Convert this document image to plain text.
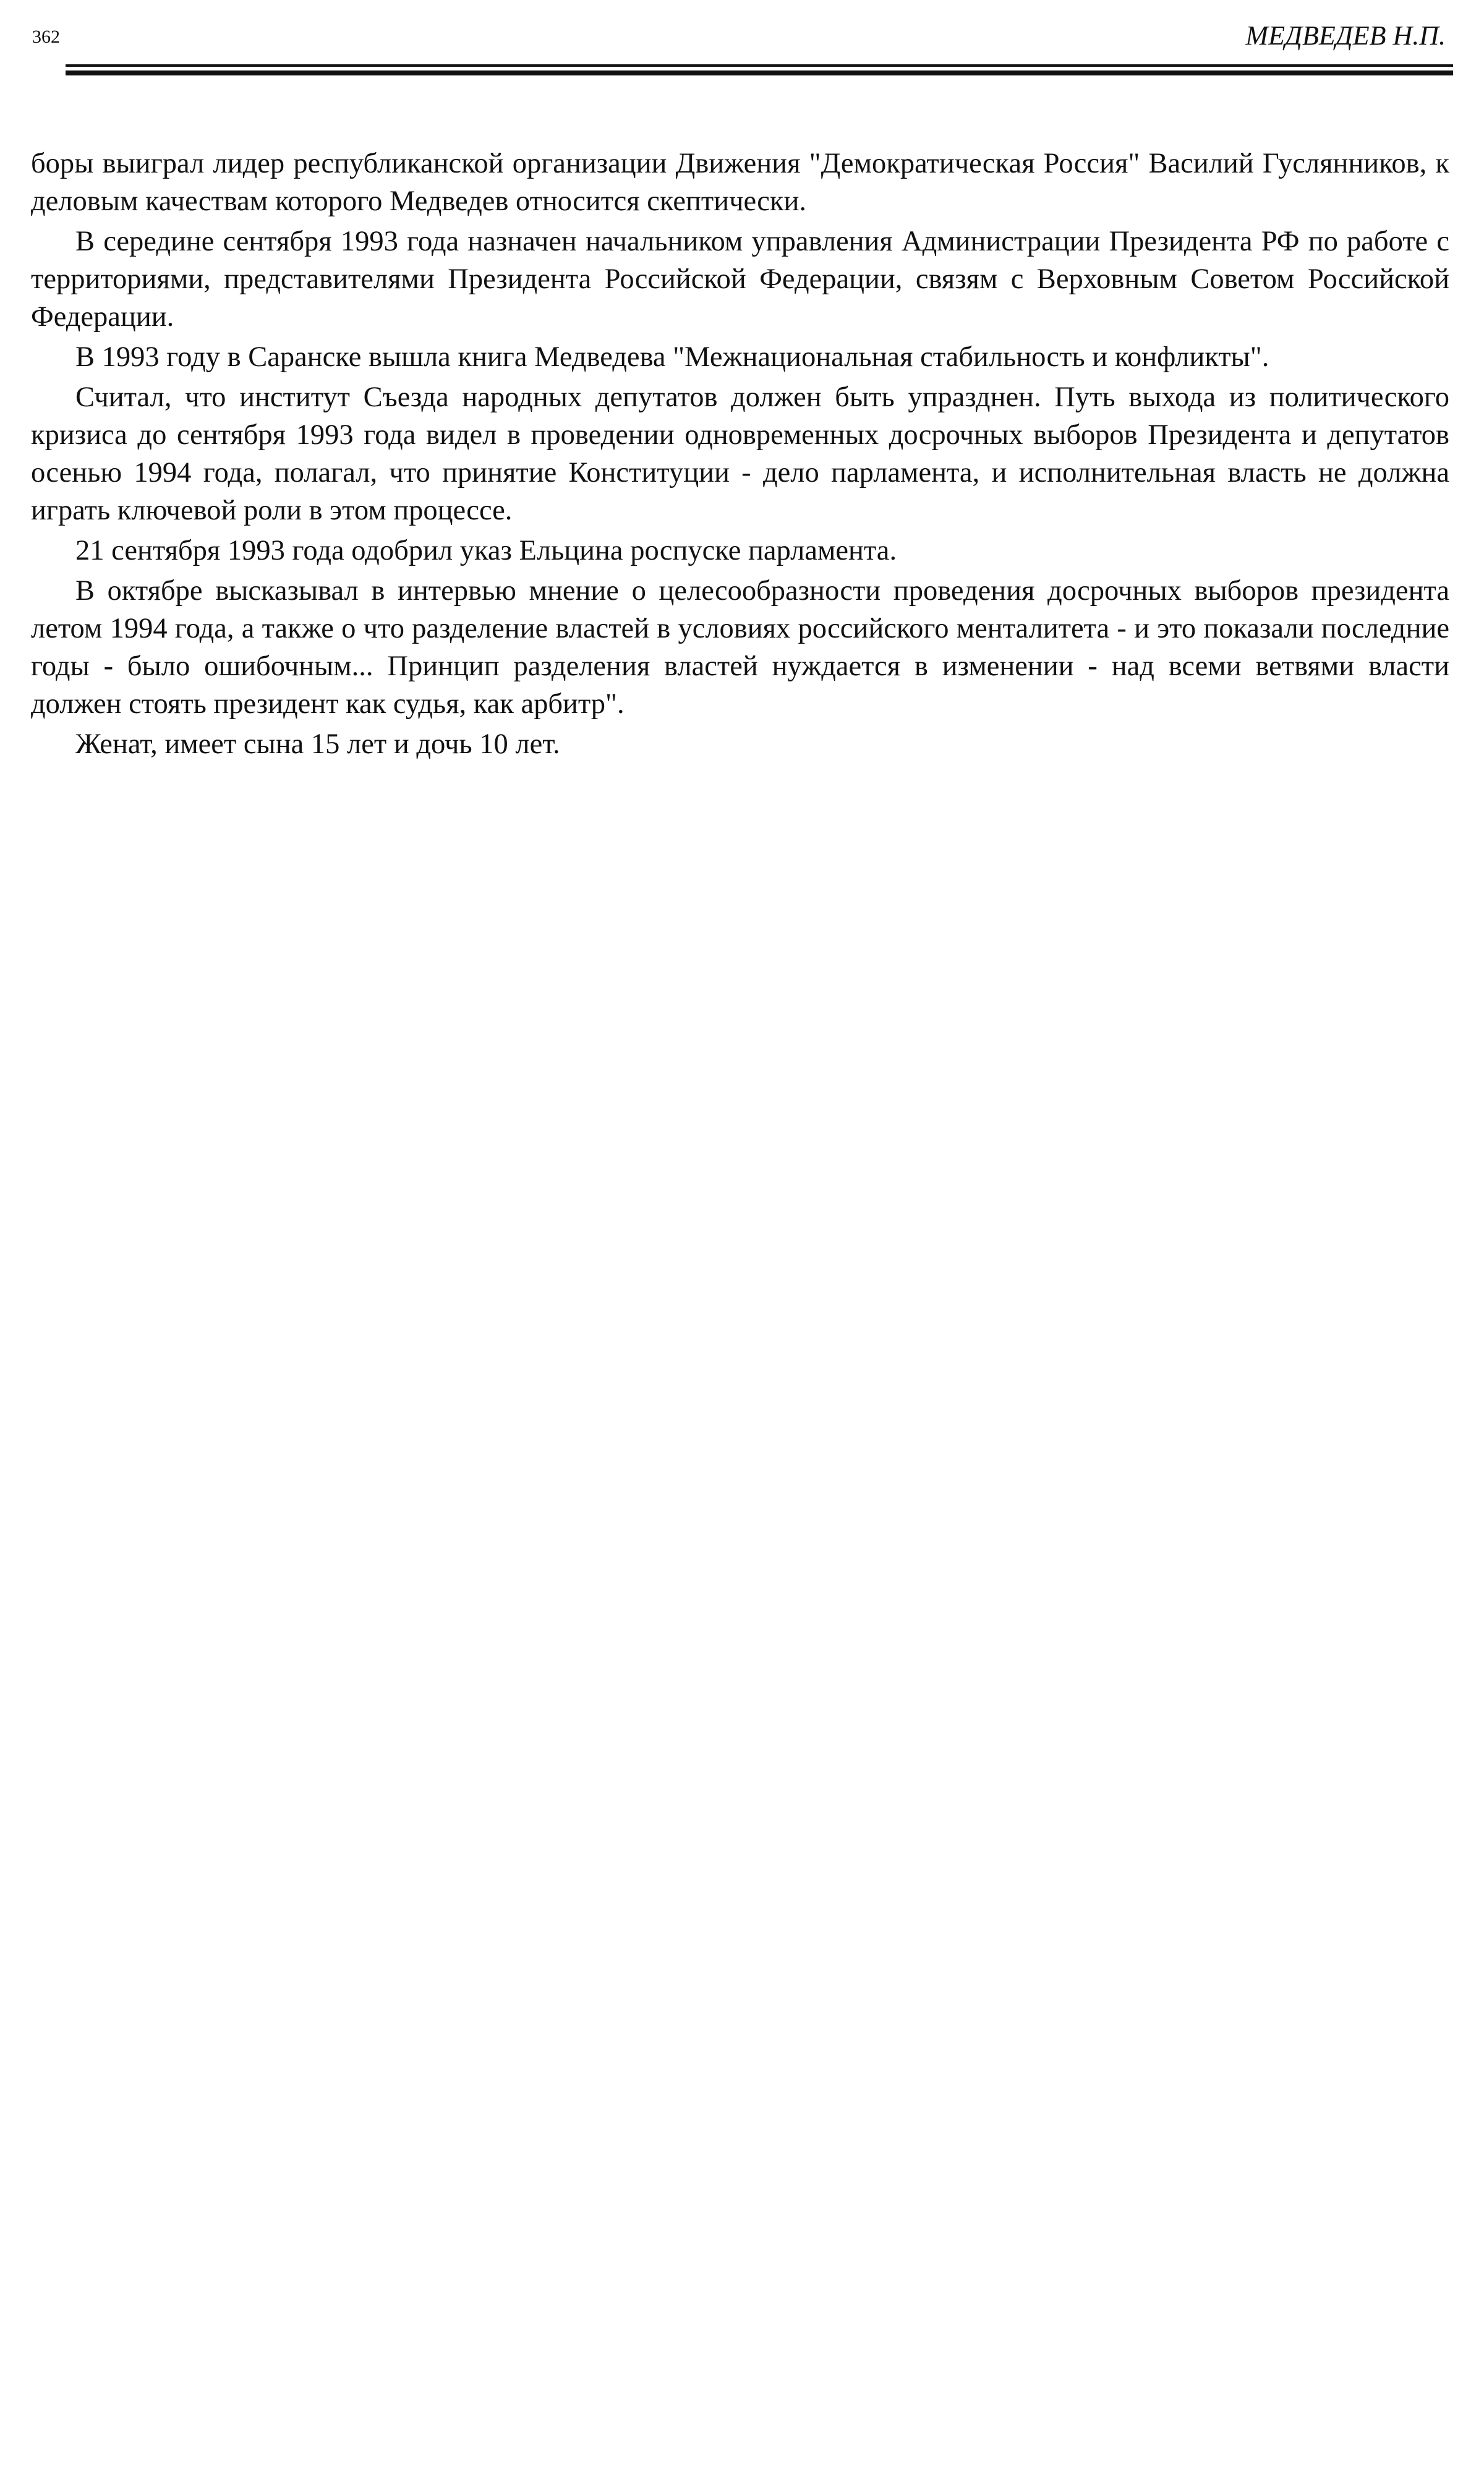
362	МЕДВЕДЕВ Н.П.

боры выиграл лидер республиканской организации Движения "Демократическая Россия" Василий Гуслянников, к деловым качествам которого Медведев относится скептически.

В середине сентября 1993 года назначен начальником управления Администрации Президента РФ по работе с территориями, представителями Президента Российской Федерации, связям с Верховным Советом Российской Федерации.

В 1993 году в Саранске вышла книга Медведева "Межнациональная стабильность и конфликты".

Считал, что институт Съезда народных депутатов должен быть упразднен. Путь выхода из политического кризиса до сентября 1993 года видел в проведении одновременных досрочных выборов Президента и депутатов осенью 1994 года, полагал, что принятие Конституции - дело парламента, и исполнительная власть не должна играть ключевой роли в этом процессе.

21 сентября 1993 года одобрил указ Ельцина роспуске парламента.

В октябре высказывал в интервью мнение о целесообразности проведения досрочных выборов президента летом 1994 года, а также о что разделение властей в условиях российского менталитета - и это показали последние годы - было ошибочным... Принцип разделения властей нуждается в изменении - над всеми ветвями власти должен стоять президент как судья, как арбитр".

Женат, имеет сына 15 лет и дочь 10 лет.
